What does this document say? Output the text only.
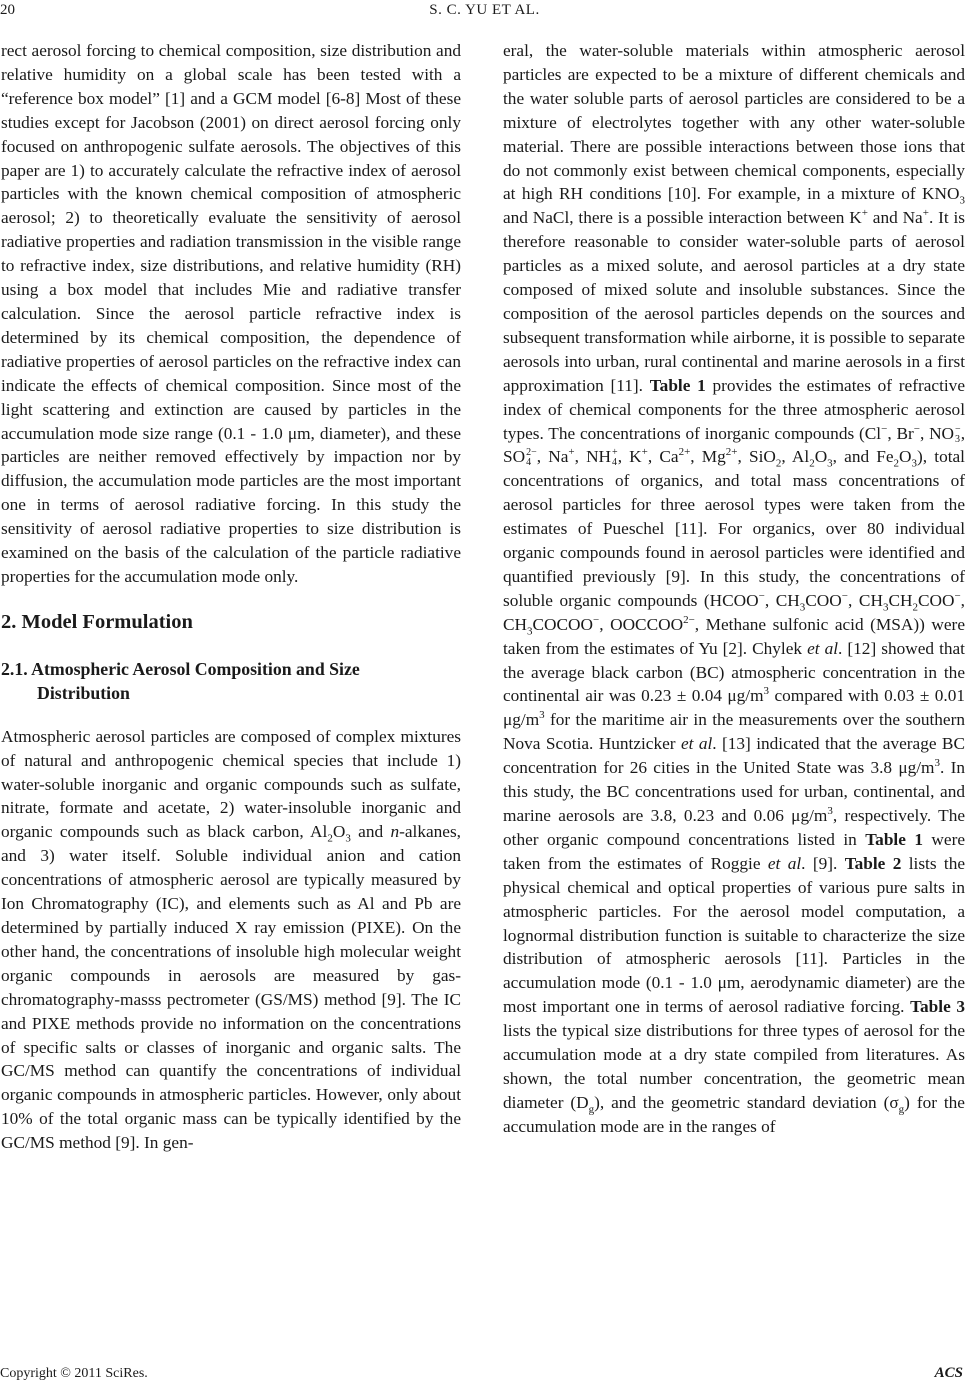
20	S. C. YU ET AL.

rect aerosol forcing to chemical composition, size distribution and relative humidity on a global scale has been tested with a “reference box model” [1] and a GCM model [6-8] Most of these studies except for Jacobson (2001) on direct aerosol forcing only focused on anthropogenic sulfate aerosols. The objectives of this paper are 1) to accurately calculate the refractive index of aerosol particles with the known chemical composition of atmospheric aerosol; 2) to theoretically evaluate the sensitivity of aerosol radiative properties and radiation transmission in the visible range to refractive index, size distributions, and relative humidity (RH) using a box model that includes Mie and radiative transfer calculation. Since the aerosol particle refractive index is determined by its chemical composition, the dependence of radiative properties of aerosol particles on the refractive index can indicate the effects of chemical composition. Since most of the light scattering and extinction are caused by particles in the accumulation mode size range (0.1 - 1.0 μm, diameter), and these particles are neither removed effectively by impaction nor by diffusion, the accumulation mode particles are the most important one in terms of aerosol radiative forcing. In this study the sensitivity of aerosol radiative properties to size distribution is examined on the basis of the calculation of the particle radiative properties for the accumulation mode only.

2. Model Formulation
2.1. Atmospheric Aerosol Composition and Size
Distribution

Atmospheric aerosol particles are composed of complex mixtures of natural and anthropogenic chemical species that include 1) water-soluble inorganic and organic compounds such as sulfate, nitrate, formate and acetate, 2) water-insoluble inorganic and organic compounds such as black carbon, $Al_2O_3$ and n-alkanes, and 3) water itself. Soluble individual anion and cation concentrations of atmospheric aerosol are typically measured by Ion Chromatography (IC), and elements such as Al and Pb are determined by partially induced X ray emission (PIXE). On the other hand, the concentrations of insoluble high molecular weight organic compounds in aerosols are measured by gas-chromatography-masss pectrometer (GS/MS) method [9]. The IC and PIXE methods provide no information on the concentrations of specific salts or classes of inorganic and organic salts. The GC/MS method can quantify the concentrations of individual organic compounds in atmospheric particles. However, only about 10% of the total organic mass can be typically identified by the GC/MS method [9]. In gen-

eral, the water-soluble materials within atmospheric aerosol particles are expected to be a mixture of different chemicals and the water soluble parts of aerosol particles are considered to be a mixture of electrolytes together with any other water-soluble material. There are possible interactions between those ions that do not commonly exist between chemical components, especially at high RH conditions [10]. For example, in a mixture of $KNO_3$ and NaCl, there is a possible interaction between K+ and Na+. It is therefore reasonable to consider water-soluble parts of aerosol particles as a mixed solute, and aerosol particles at a dry state composed of mixed solute and insoluble substances. Since the composition of the aerosol particles depends on the sources and subsequent transformation while airborne, it is possible to separate aerosols into urban, rural continental and marine aerosols in a first approximation [11]. Table 1 provides the estimates of refractive index of chemical components for the three atmospheric aerosol types. The concentrations of inorganic compounds (Cl−, Br−, NO −
3 , SO 2−
4 , Na+, NH +
4 , K+, $Ca^{2+}$, $Mg^{2+}$, SiO$_2$, $Al_2O_3$, and $Fe_2O_3$), total concentrations of organics, and total mass concentrations of aerosol particles for three aerosol types were taken from the estimates of Pueschel [11]. For organics, over 80 individual organic compounds found in aerosol particles were identified and quantified previously [9]. In this study, the concentrations of soluble organic compounds (HCOO−, $CH_3COO^-$, $CH_3CH_2COO^-$, $CH_3COCOO^-$, $OOCCOO^{2-}$, Methane sulfonic acid (MSA)) were taken from the estimates of Yu [2]. Chylek et al. [12] showed that the average black carbon (BC) atmospheric concentration in the continental air was 0.23 ± 0.04 $\mu g/m^3$ compared with 0.03 ± 0.01 $\mu g/m^3$ for the maritime air in the measurements over the southern Nova Scotia. Huntzicker et al. [13] indicated that the average BC concentration for 26 cities in the United State was 3.8 $\mu g/m^3$. In this study, the BC concentrations used for urban, continental, and marine aerosols are 3.8, 0.23 and 0.06 $\mu g/m^3$, respectively. The other organic compound concentrations listed in Table 1 were taken from the estimates of Roggie et al. [9]. Table 2 lists the physical chemical and optical properties of various pure salts in atmospheric particles. For the aerosol model computation, a lognormal distribution function is suitable to characterize the size distribution of atmospheric aerosols [11]. Particles in the accumulation mode (0.1 - 1.0 μm, aerodynamic diameter) are the most important one in terms of aerosol radiative forcing. Table 3 lists the typical size distributions for three types of aerosol for the accumulation mode at a dry state compiled from literatures. As shown, the total number concentration, the geometric mean diameter $(D_g)$, and the geometric standard deviation $(\sigma_g)$ for the accumulation mode are in the ranges of

Copyright © 2011 SciRes.	ACS
